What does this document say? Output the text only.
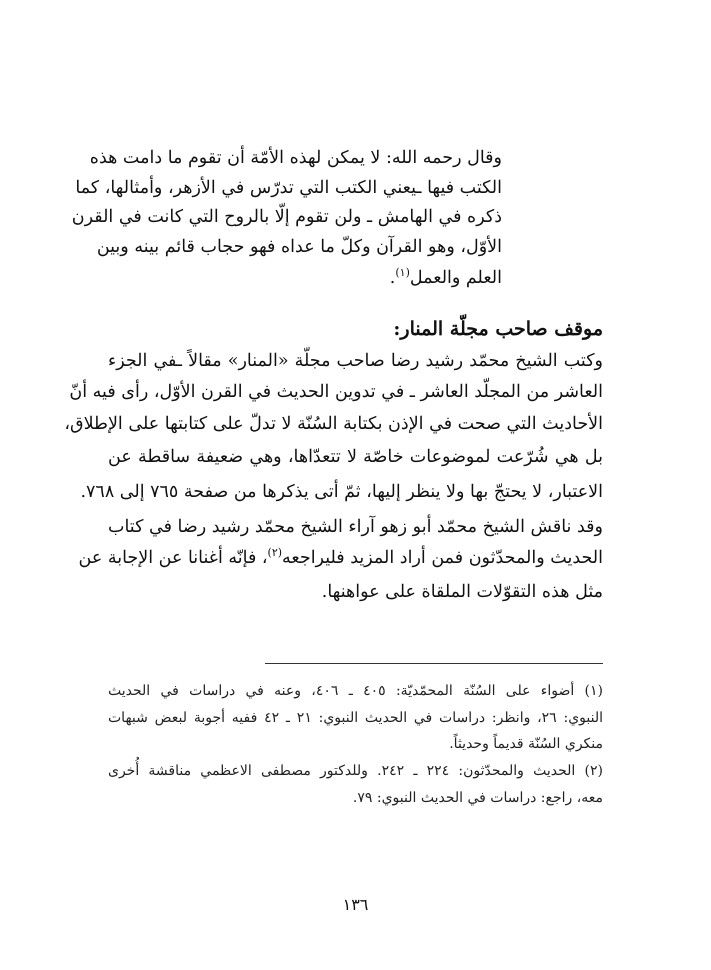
وقال رحمه الله: لا يمكن لهذه الأمّة أن تقوم ما دامت هذه
الكتب فيها ـيعني الكتب التي تدرّس في الأزهر، وأمثالها، كما
ذكره في الهامش ـ ولن تقوم إلّا بالروح التي كانت في القرن
الأوّل، وهو القرآن وكلّ ما عداه فهو حجاب قائم بينه وبين
العلم والعمل$^{(١)}$.
موقف صاحب مجلّة المنار:
وكتب الشيخ محمّد رشيد رضا صاحب مجلّة «المنار» مقالاً ـفي الجزء
العاشر من المجلّد العاشر ـ في تدوين الحديث في القرن الأوّل، رأى فيه أنّ
الأحاديث التي صحت في الإذن بكتابة السُنّة لا تدلّ على كتابتها على الإطلاق،
بل هي شُرّعت لموضوعات خاصّة لا تتعدّاها، وهي ضعيفة ساقطة عن
الاعتبار، لا يحتجّ بها ولا ينظر إليها، ثمّ أتى يذكرها من صفحة ٧٦٥ إلى ٧٦٨.
وقد ناقش الشيخ محمّد أبو زهو آراء الشيخ محمّد رشيد رضا في كتاب
الحديث والمحدّثون فمن أراد المزيد فليراجعه$^{(٢)}$، فإنّه أغنانا عن الإجابة عن
مثل هذه التقوّلات الملقاة على عواهنها.
(١) أضواء على السُنّة المحمّديّة: ٤٠٥ ـ ٤٠٦، وعنه في دراسات في الحديث
النبوي: ٢٦، وانظر: دراسات في الحديث النبوي: ٢١ ـ ٤٢ ففيه أجوبة لبعض شبهات
منكري السُنّة قديماً وحديثاً.
(٢) الحديث والمحدّثون: ٢٢٤ ـ ٢٤٢. وللدكتور مصطفى الاعظمي مناقشة أُخرى
معه، راجع: دراسات في الحديث النبوي: ٧٩.
١٣٦
